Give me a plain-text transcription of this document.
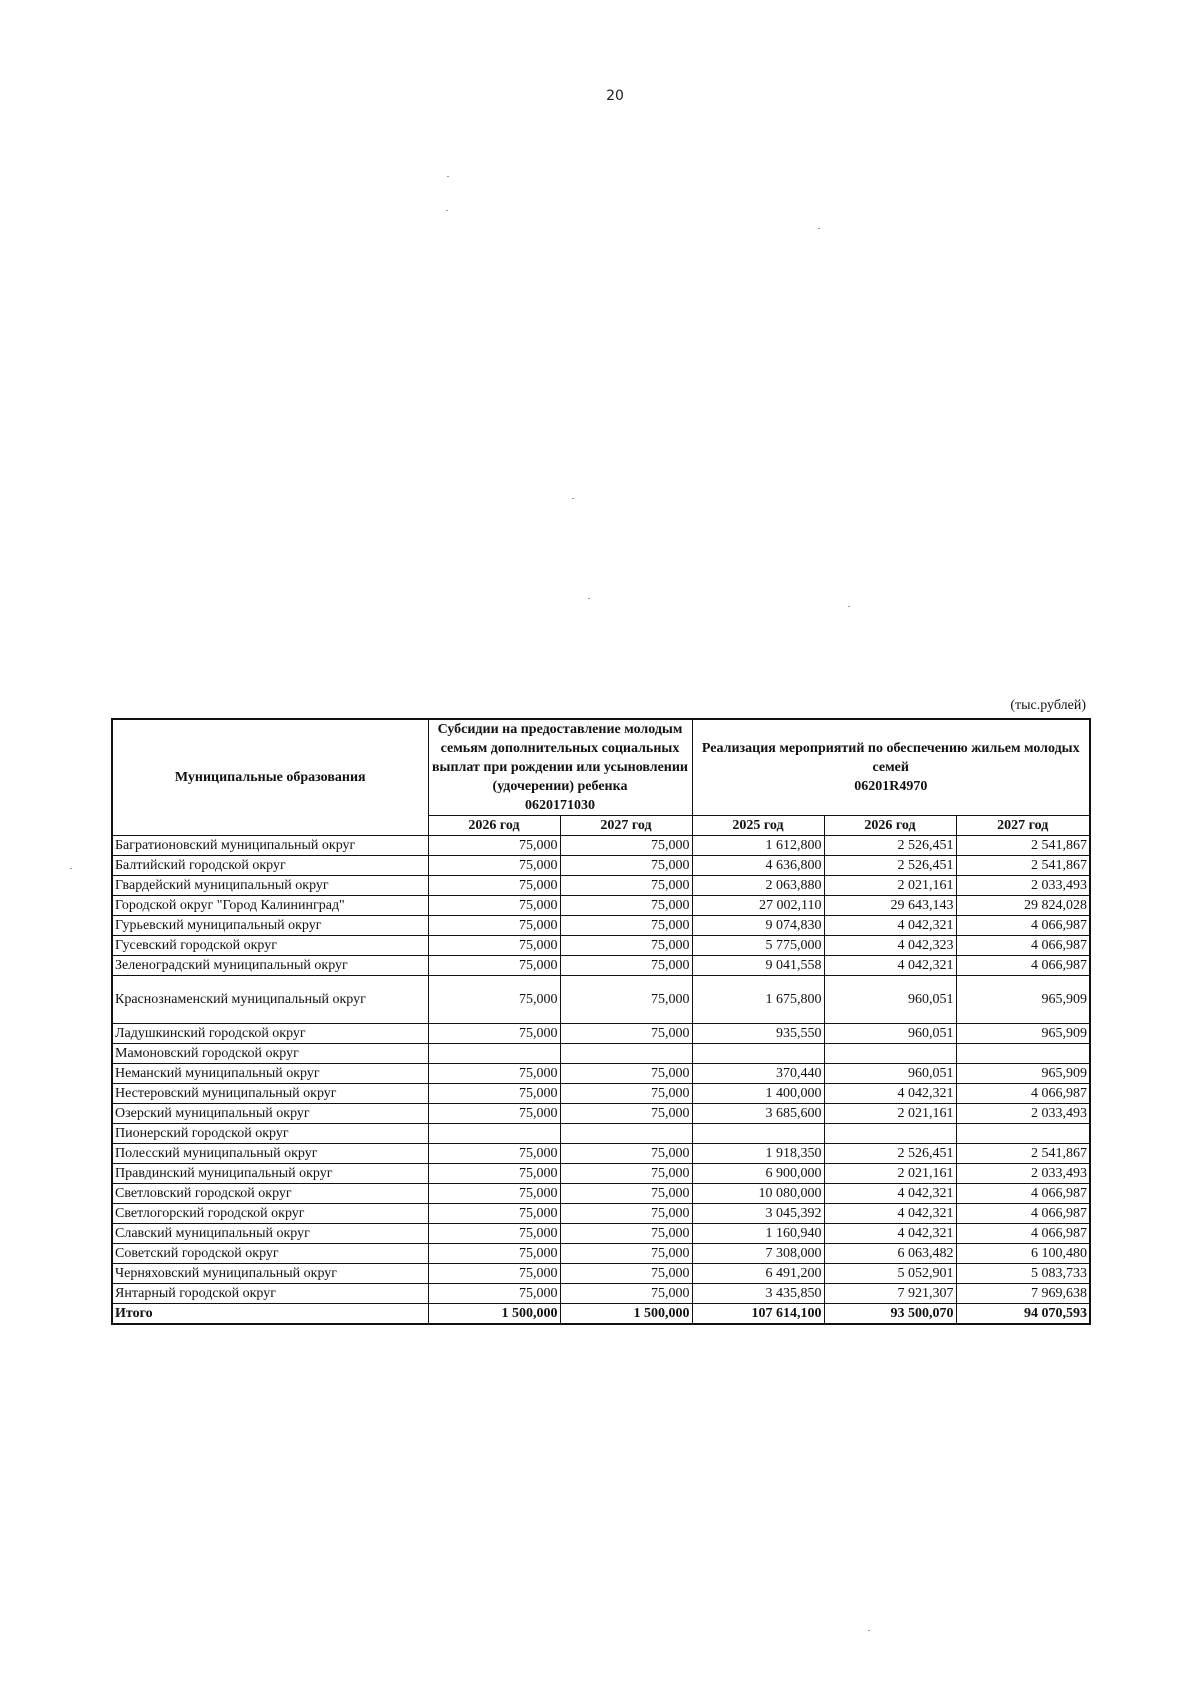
20
(тыс.рублей)
Муниципальные образования	Субсидии на предоставление молодым семьям дополнительных социальных выплат при рождении или усыновлении (удочерении) ребенка
0620171030		Реализация мероприятий по обеспечению жильем молодых семей
06201R4970		

	2026 год	2027 год	2025 год	2026 год	2027 год
Багратионовский муниципальный округ	75,000	75,000	1 612,800	2 526,451	2 541,867
Балтийский городской округ	75,000	75,000	4 636,800	2 526,451	2 541,867
Гвардейский муниципальный округ	75,000	75,000	2 063,880	2 021,161	2 033,493
Городской округ "Город Калининград"	75,000	75,000	27 002,110	29 643,143	29 824,028
Гурьевский муниципальный округ	75,000	75,000	9 074,830	4 042,321	4 066,987
Гусевский городской округ	75,000	75,000	5 775,000	4 042,323	4 066,987
Зеленоградский муниципальный округ	75,000	75,000	9 041,558	4 042,321	4 066,987
Краснознаменский муниципальный округ	75,000	75,000	1 675,800	960,051	965,909
Ладушкинский городской округ	75,000	75,000	935,550	960,051	965,909
Мамоновский городской округ					
Неманский муниципальный округ	75,000	75,000	370,440	960,051	965,909
Нестеровский муниципальный округ	75,000	75,000	1 400,000	4 042,321	4 066,987
Озерский муниципальный округ	75,000	75,000	3 685,600	2 021,161	2 033,493
Пионерский городской округ					
Полесский муниципальный округ	75,000	75,000	1 918,350	2 526,451	2 541,867
Правдинский муниципальный округ	75,000	75,000	6 900,000	2 021,161	2 033,493
Светловский городской округ	75,000	75,000	10 080,000	4 042,321	4 066,987
Светлогорский городской округ	75,000	75,000	3 045,392	4 042,321	4 066,987
Славский муниципальный округ	75,000	75,000	1 160,940	4 042,321	4 066,987
Советский городской округ	75,000	75,000	7 308,000	6 063,482	6 100,480
Черняховский муниципальный округ	75,000	75,000	6 491,200	5 052,901	5 083,733
Янтарный городской округ	75,000	75,000	3 435,850	7 921,307	7 969,638
Итого	1 500,000	1 500,000	107 614,100	93 500,070	94 070,593
